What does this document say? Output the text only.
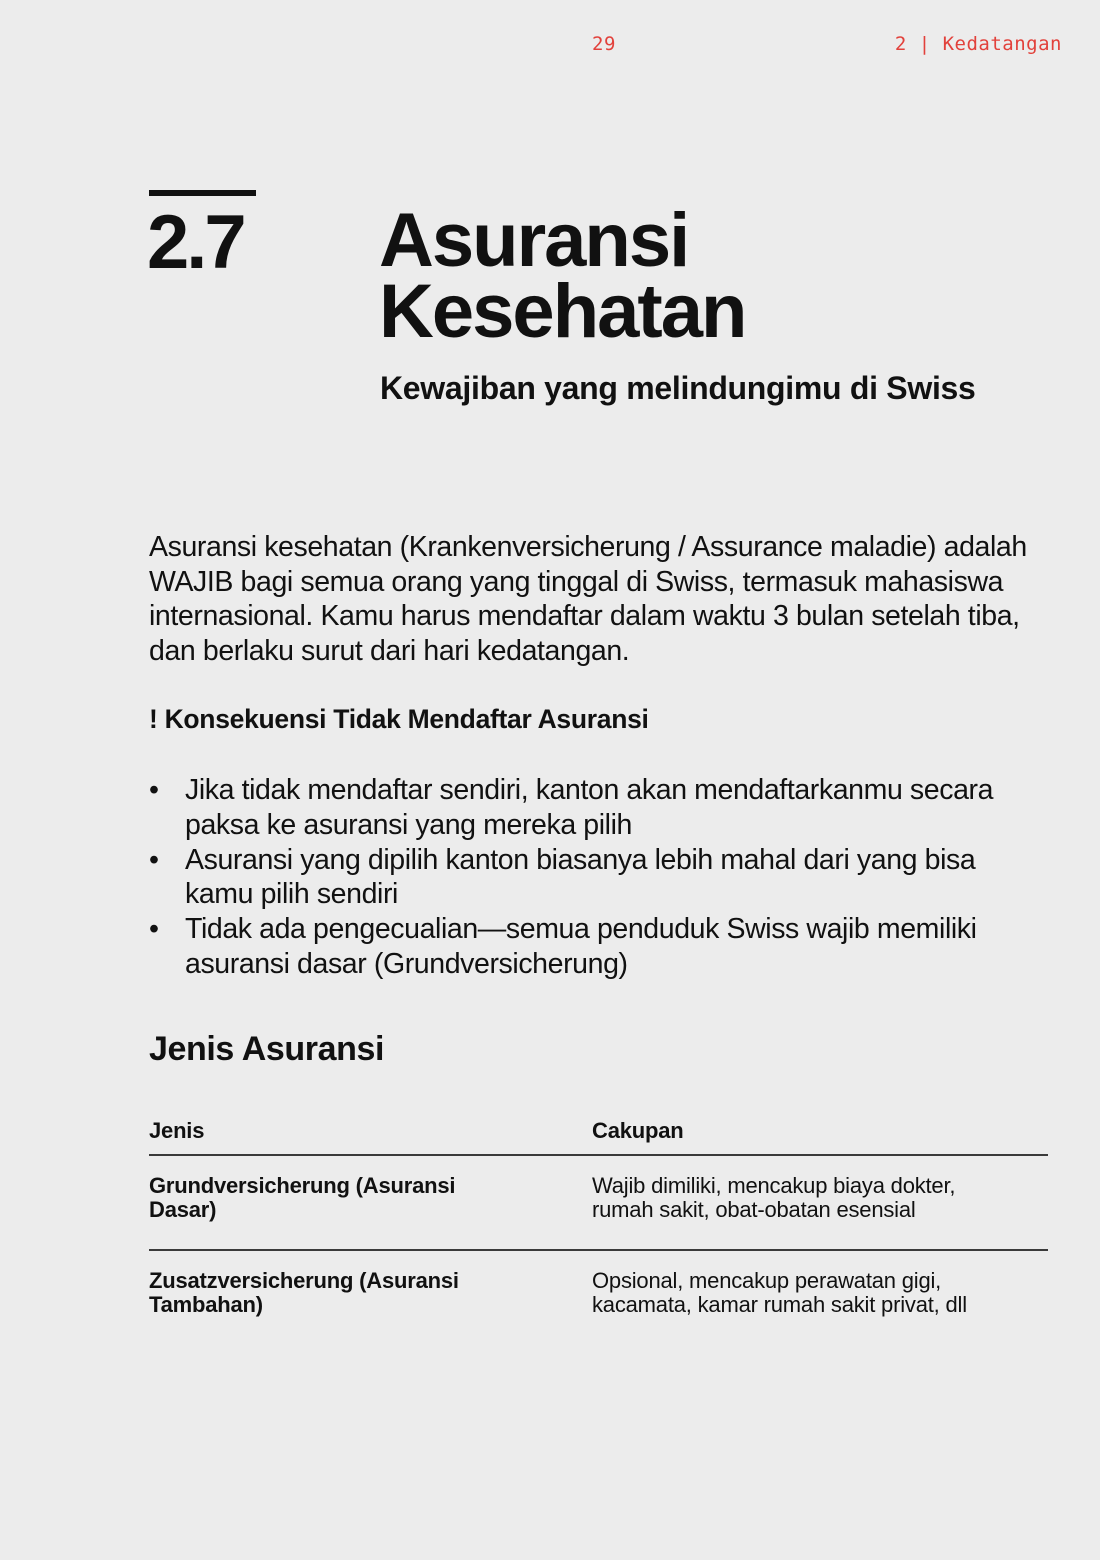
29	2 | Kedatangan
2.7 Asuransi
Kesehatan
Kewajiban yang melindungimu di Swiss

Asuransi kesehatan (Krankenversicherung / Assurance maladie) adalah WAJIB bagi semua orang yang tinggal di Swiss, termasuk mahasiswa internasional. Kamu harus mendaftar dalam waktu 3 bulan setelah tiba, dan berlaku surut dari hari kedatangan.

! Konsekuensi Tidak Mendaftar Asuransi
• Jika tidak mendaftar sendiri, kanton akan mendaftarkanmu secara paksa ke asuransi yang mereka pilih
• Asuransi yang dipilih kanton biasanya lebih mahal dari yang bisa kamu pilih sendiri
• Tidak ada pengecualian—semua penduduk Swiss wajib memiliki asuransi dasar (Grundversicherung)
Jenis Asuransi
Jenis	Cakupan
Grundversicherung (Asuransi Dasar)
Wajib dimiliki, mencakup biaya dokter, rumah sakit, obat-obatan esensial
Zusatzversicherung (Asuransi Tambahan)
Opsional, mencakup perawatan gigi, kacamata, kamar rumah sakit privat, dll
